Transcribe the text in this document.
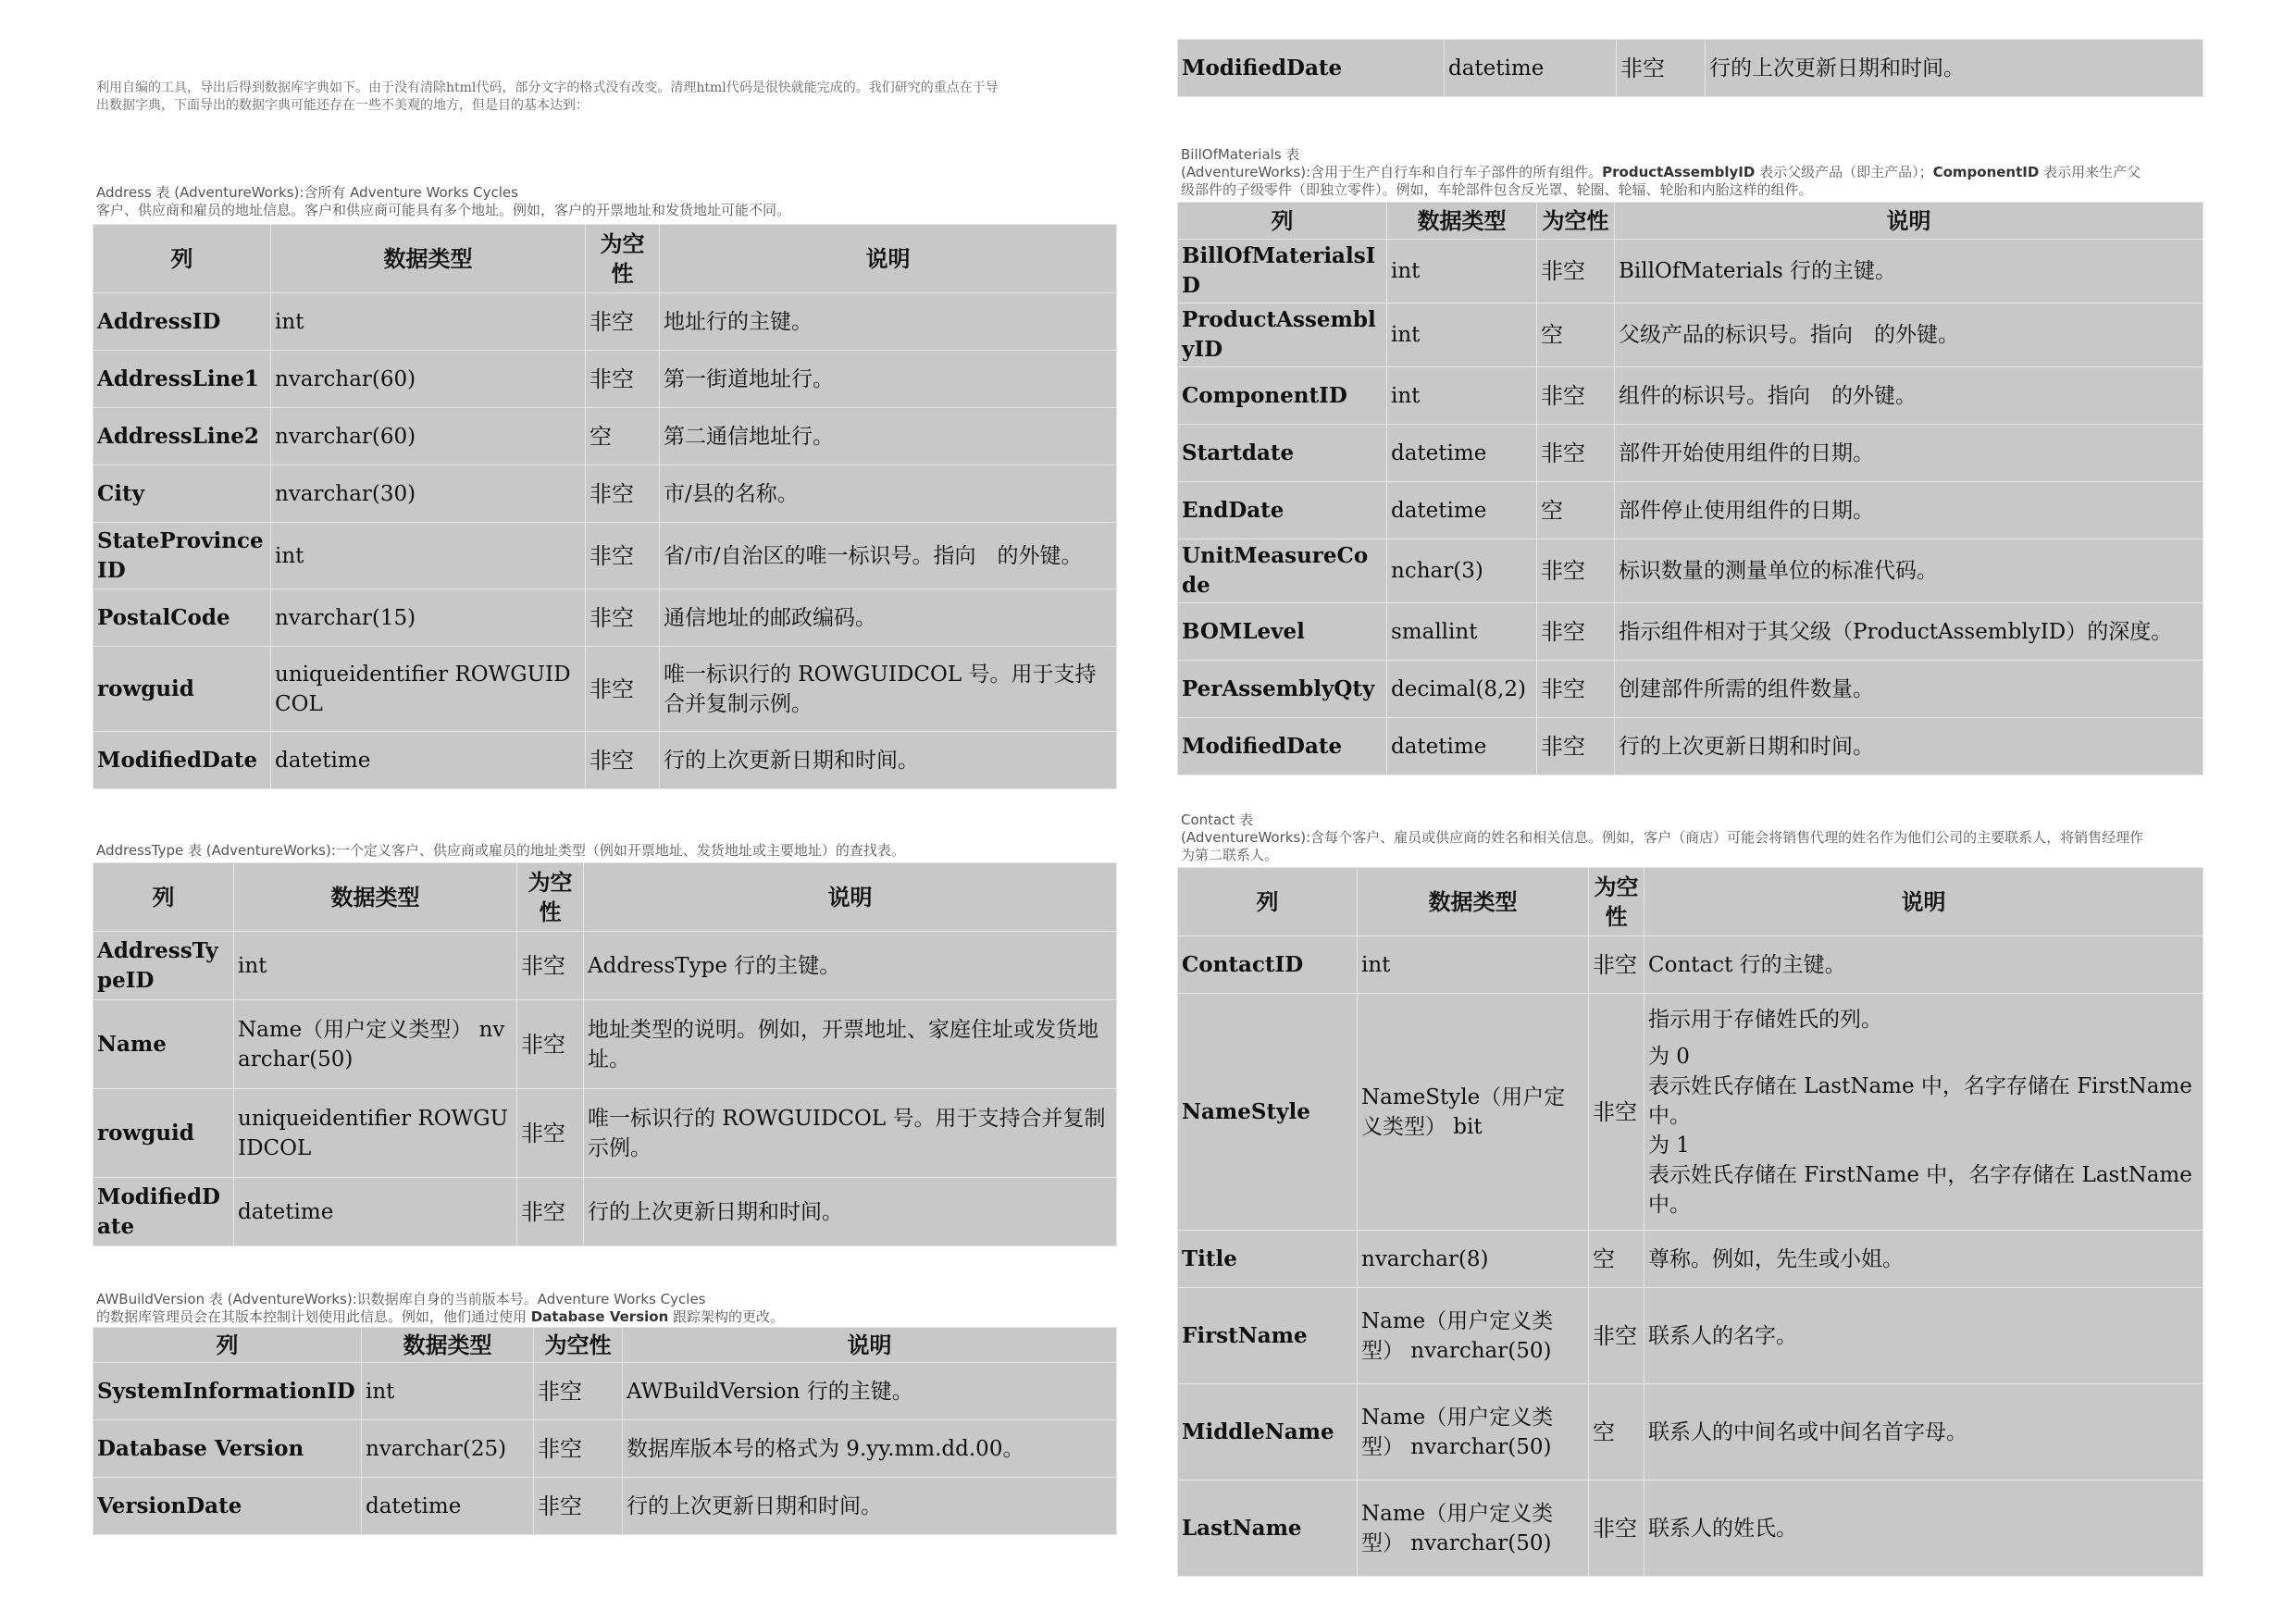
利用自编的工具，导出后得到数据库字典如下。由于没有清除html代码，部分文字的格式没有改变。清理html代码是很快就能完成的。我们研究的重点在于导

出数据字典，下面导出的数据字典可能还存在一些不美观的地方，但是目的基本达到：

Address 表 (AdventureWorks):含所有 Adventure Works Cycles

客户、供应商和雇员的地址信息。客户和供应商可能具有多个地址。例如，客户的开票地址和发货地址可能不同。

列	数据类型	为空性	说明
AddressID	int	非空	地址行的主键。
AddressLine1	nvarchar(60)	非空	第一街道地址行。
AddressLine2	nvarchar(60)	空	第二通信地址行。
City	nvarchar(30)	非空	市/县的名称。
StateProvinceID	int	非空	省/市/自治区的唯一标识号。指向　的外键。
PostalCode	nvarchar(15)	非空	通信地址的邮政编码。
rowguid	uniqueidentifier ROWGUIDCOL	非空	唯一标识行的 ROWGUIDCOL 号。用于支持合并复制示例。
ModifiedDate	datetime	非空	行的上次更新日期和时间。

AddressType 表 (AdventureWorks):一个定义客户、供应商或雇员的地址类型（例如开票地址、发货地址或主要地址）的查找表。

列	数据类型	为空性	说明
AddressTypeID	int	非空	AddressType 行的主键。
Name	Name（用户定义类型） nvarchar(50)	非空	地址类型的说明。例如，开票地址、家庭住址或发货地址。
rowguid	uniqueidentifier ROWGUIDCOL	非空	唯一标识行的 ROWGUIDCOL 号。用于支持合并复制示例。
ModifiedDate	datetime	非空	行的上次更新日期和时间。

AWBuildVersion 表 (AdventureWorks):识数据库自身的当前版本号。Adventure Works Cycles

的数据库管理员会在其版本控制计划使用此信息。例如，他们通过使用 Database Version 跟踪架构的更改。

列	数据类型	为空性	说明
SystemInformationID	int	非空	AWBuildVersion 行的主键。
Database Version	nvarchar(25)	非空	数据库版本号的格式为 9.yy.mm.dd.00。
VersionDate	datetime	非空	行的上次更新日期和时间。
ModifiedDate	datetime	非空	行的上次更新日期和时间。

BillOfMaterials 表

(AdventureWorks):含用于生产自行车和自行车子部件的所有组件。ProductAssemblyID 表示父级产品（即主产品）；ComponentID 表示用来生产父

级部件的子级零件（即独立零件）。例如，车轮部件包含反光罩、轮圈、轮辐、轮胎和内胎这样的组件。

列	数据类型	为空性	说明
BillOfMaterialsID	int	非空	BillOfMaterials 行的主键。
ProductAssemblyID	int	空	父级产品的标识号。指向　的外键。
ComponentID	int	非空	组件的标识号。指向　的外键。
Startdate	datetime	非空	部件开始使用组件的日期。
EndDate	datetime	空	部件停止使用组件的日期。
UnitMeasureCode	nchar(3)	非空	标识数量的测量单位的标准代码。
BOMLevel	smallint	非空	指示组件相对于其父级（ProductAssemblyID）的深度。
PerAssemblyQty	decimal(8,2)	非空	创建部件所需的组件数量。
ModifiedDate	datetime	非空	行的上次更新日期和时间。

Contact 表

(AdventureWorks):含每个客户、雇员或供应商的姓名和相关信息。例如，客户（商店）可能会将销售代理的姓名作为他们公司的主要联系人，将销售经理作

为第二联系人。

列	数据类型	为空性	说明
ContactID	int	非空	Contact 行的主键。
NameStyle	NameStyle（用户定义类型） bit	非空	指示用于存储姓氏的列。
为 0
表示姓氏存储在 LastName 中，名字存储在 FirstName 中。
为 1
表示姓氏存储在 FirstName 中，名字存储在 LastName 中。

Title	nvarchar(8)	空	尊称。例如，先生或小姐。
FirstName	Name（用户定义类型） nvarchar(50)	非空	联系人的名字。
MiddleName	Name（用户定义类型） nvarchar(50)	空	联系人的中间名或中间名首字母。
LastName	Name（用户定义类型） nvarchar(50)	非空	联系人的姓氏。
